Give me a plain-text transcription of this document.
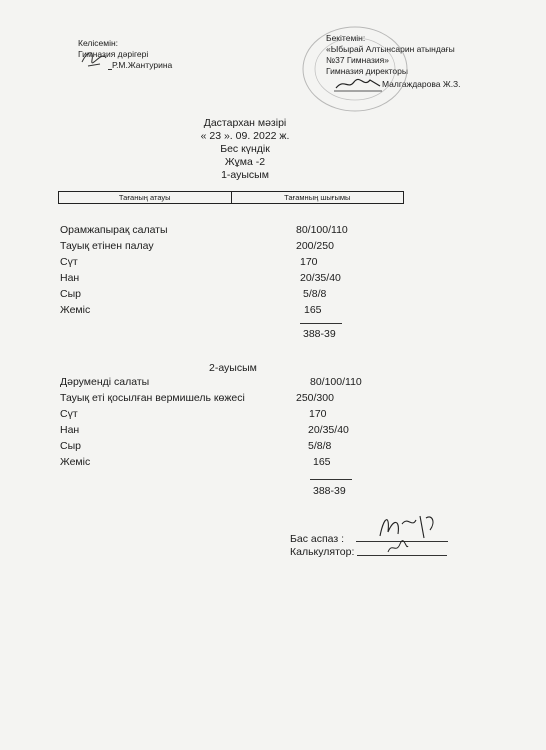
Келісемін:
Гимназия дәрігері
Р.М.Жантурина
Бекітемін:
«Ыбырай Алтынсарин атындағы
№37 Гимназия»
Гимназия директоры
Малгаждарова Ж.З.
Дастархан мәзірі
« 23 ». 09. 2022 ж.
Бес күндік
Жұма -2
1-ауысым
Тағаның атауы	Тағамның шығымы
Орамжапырақ салаты
Тауық етінен палау
Сүт
Нан
Сыр
Жеміс
80/100/110
200/250
170
20/35/40
5/8/8
165
388-39
2-ауысым
Дәруменді салаты
Тауық еті қосылған вермишель көжесі
Сүт
Нан
Сыр
Жеміс
80/100/110
250/300
170
20/35/40
5/8/8
165
388-39
Бас аспаз :
Калькулятор:
